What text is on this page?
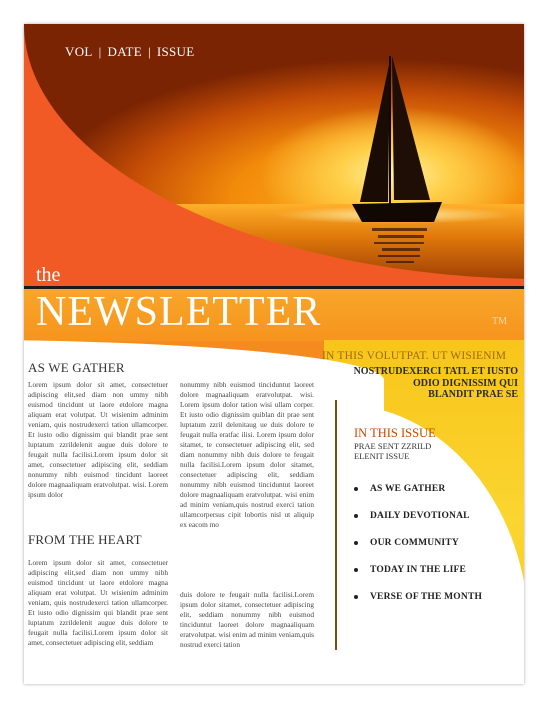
VOL | DATE | ISSUE
the
NEWSLETTER	TM
IN THIS VOLUTPAT. UT WISIENIM
NOSTRUDEXERCI TATL ET IUSTO
ODIO DIGNISSIM QUI
BLANDIT PRAE SE
AS WE GATHER
Lorem ipsum dolor sit amet, consectetuer adipiscing elit,sed diam non ummy nibh euismod tincidunt ut laore etdolore magna aliquam erat volutpat. Ut wisienim adminim veniam, quis nostrudexerci tation ullamcorper. Et iusto odio dignissim qui blandit prae sent luptatum zzrildelenit augue duis dolore te feugait nulla facilisi.Lorem ipsum dolor sit amet, consectetuer adipiscing elit, seddiam nonummy nibh euismod tincidunt laoreet dolore magnaaliquam eratvolutpat. wisi. Lorem ipsum dolor
FROM THE HEART
Lorem ipsum dolor sit amet, consectetuer adipiscing elit,sed diam non ummy nibh euismod tincidunt ut laore etdolore magna aliquam erat volutpat. Ut wisienim adminim veniam, quis nostrudexerci tation ullamcorper. Et iusto odio dignissim qui blandit prae sent luptatum zzrildelenit augue duis dolore te feugait nulla facilisi.Lorem ipsum dolor sit amet, consectetuer adipiscing elit, seddiam
nonummy nibh euismod tinciduntut laoreet dolore magnaaliquam eratvolutpat. wisi. Lorem ipsum dolor tation wisi ullam corper. Et iusto odio dignissim quiblan dit prae sent luptatum zzril delenitaug ue duis dolore te feugait nulla eratfac ilisi. Lorem ipsum dolor sitamet, te consectetuer adipiscing elit, sed diam nonummy nibh duis dolore te feugait nulla facilisi.Lorem ipsum dolor sitamet, consectetuer adipiscing elit, seddiam nonummy nibh euismod tinciduntut laoreet dolore magnaaliquam eratvolutpat. wisi enim ad minim veniam,quis nostrud exerci tation ullamcorpersus cipit lobortis nisl ut aliquip ex eacom mo
duis dolore te feugait nulla facilisi.Lorem ipsum dolor sitamet, consectetuer adipiscing elit, seddiam nonummy nibh euismod tinciduntut laoreet dolore magnaaliquam eratvolutpat. wisi enim ad minim veniam,quis nostrud exerci tation
IN THIS ISSUE
PRAE SENT ZZRILD
ELENIT ISSUE
AS WE GATHER
DAILY DEVOTIONAL
OUR COMMUNITY
TODAY IN THE LIFE
VERSE OF THE MONTH
